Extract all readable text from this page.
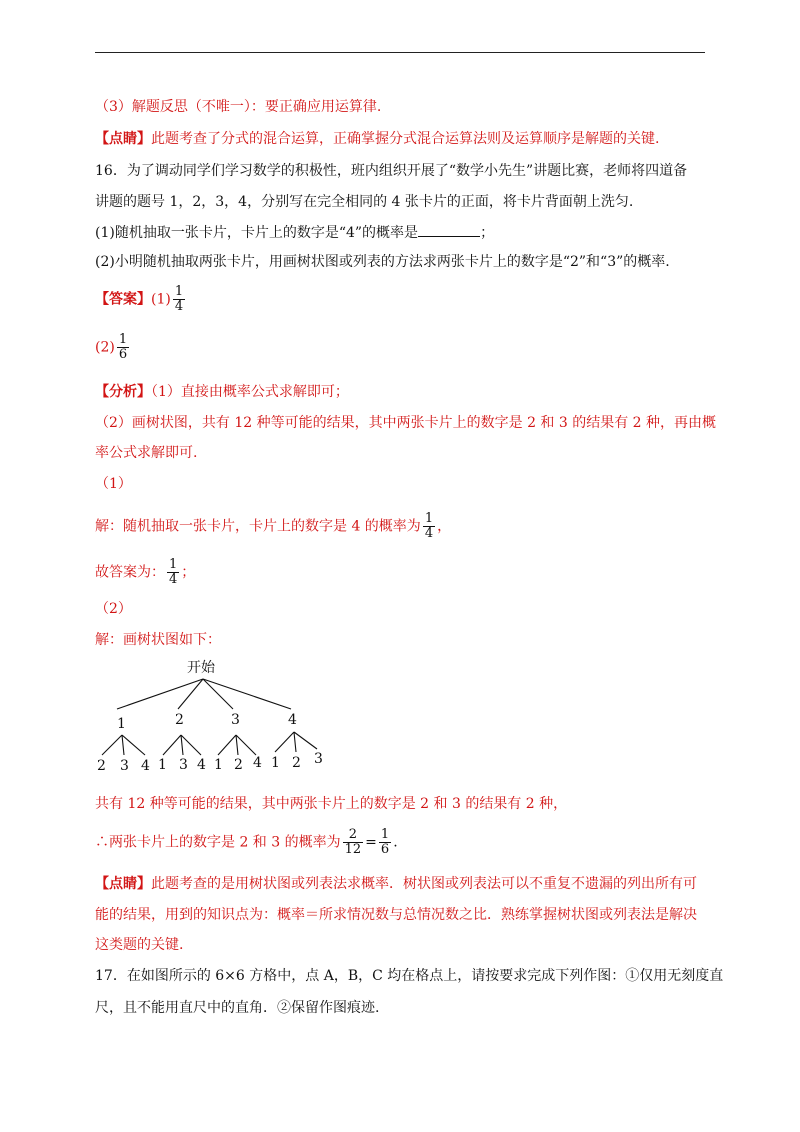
（3）解题反思（不唯一）：要正确应用运算律.
【点睛】此题考查了分式的混合运算，正确掌握分式混合运算法则及运算顺序是解题的关键.
16．为了调动同学们学习数学的积极性，班内组织开展了“数学小先生”讲题比赛，老师将四道备
讲题的题号 1，2，3，4，分别写在完全相同的 4 张卡片的正面，将卡片背面朝上洗匀.
(1)随机抽取一张卡片，卡片上的数字是“4”的概率是	；
(2)小明随机抽取两张卡片，用画树状图或列表的方法求两张卡片上的数字是“2”和“3”的概率.
【答案】$(1) \frac{1}{4}$
$(2) \frac{1}{6}$
【分析】（1）直接由概率公式求解即可；
（2）画树状图，共有 12 种等可能的结果，其中两张卡片上的数字是 2 和 3 的结果有 2 种，再由概
率公式求解即可.
（1）
解：随机抽取一张卡片，卡片上的数字是 4 的概率为 $\frac{1}{4}$ ，
故答案为： $\frac{1}{4}$ ；
（2）
解：画树状图如下：
开始
1	2	3	4
2 3 4 1 3 4 1 2 4 1 2 3
共有 12 种等可能的结果，其中两张卡片上的数字是 2 和 3 的结果有 2 种，
∴两张卡片上的数字是 2 和 3 的概率为 $\frac{2}{12} = \frac{1}{6}$ .
【点睛】此题考查的是用树状图或列表法求概率．树状图或列表法可以不重复不遗漏的列出所有可
能的结果，用到的知识点为：概率＝所求情况数与总情况数之比．熟练掌握树状图或列表法是解决
这类题的关键.
17．在如图所示的 6×6 方格中，点 A，B，C 均在格点上，请按要求完成下列作图：①仅用无刻度直
尺，且不能用直尺中的直角．②保留作图痕迹.
